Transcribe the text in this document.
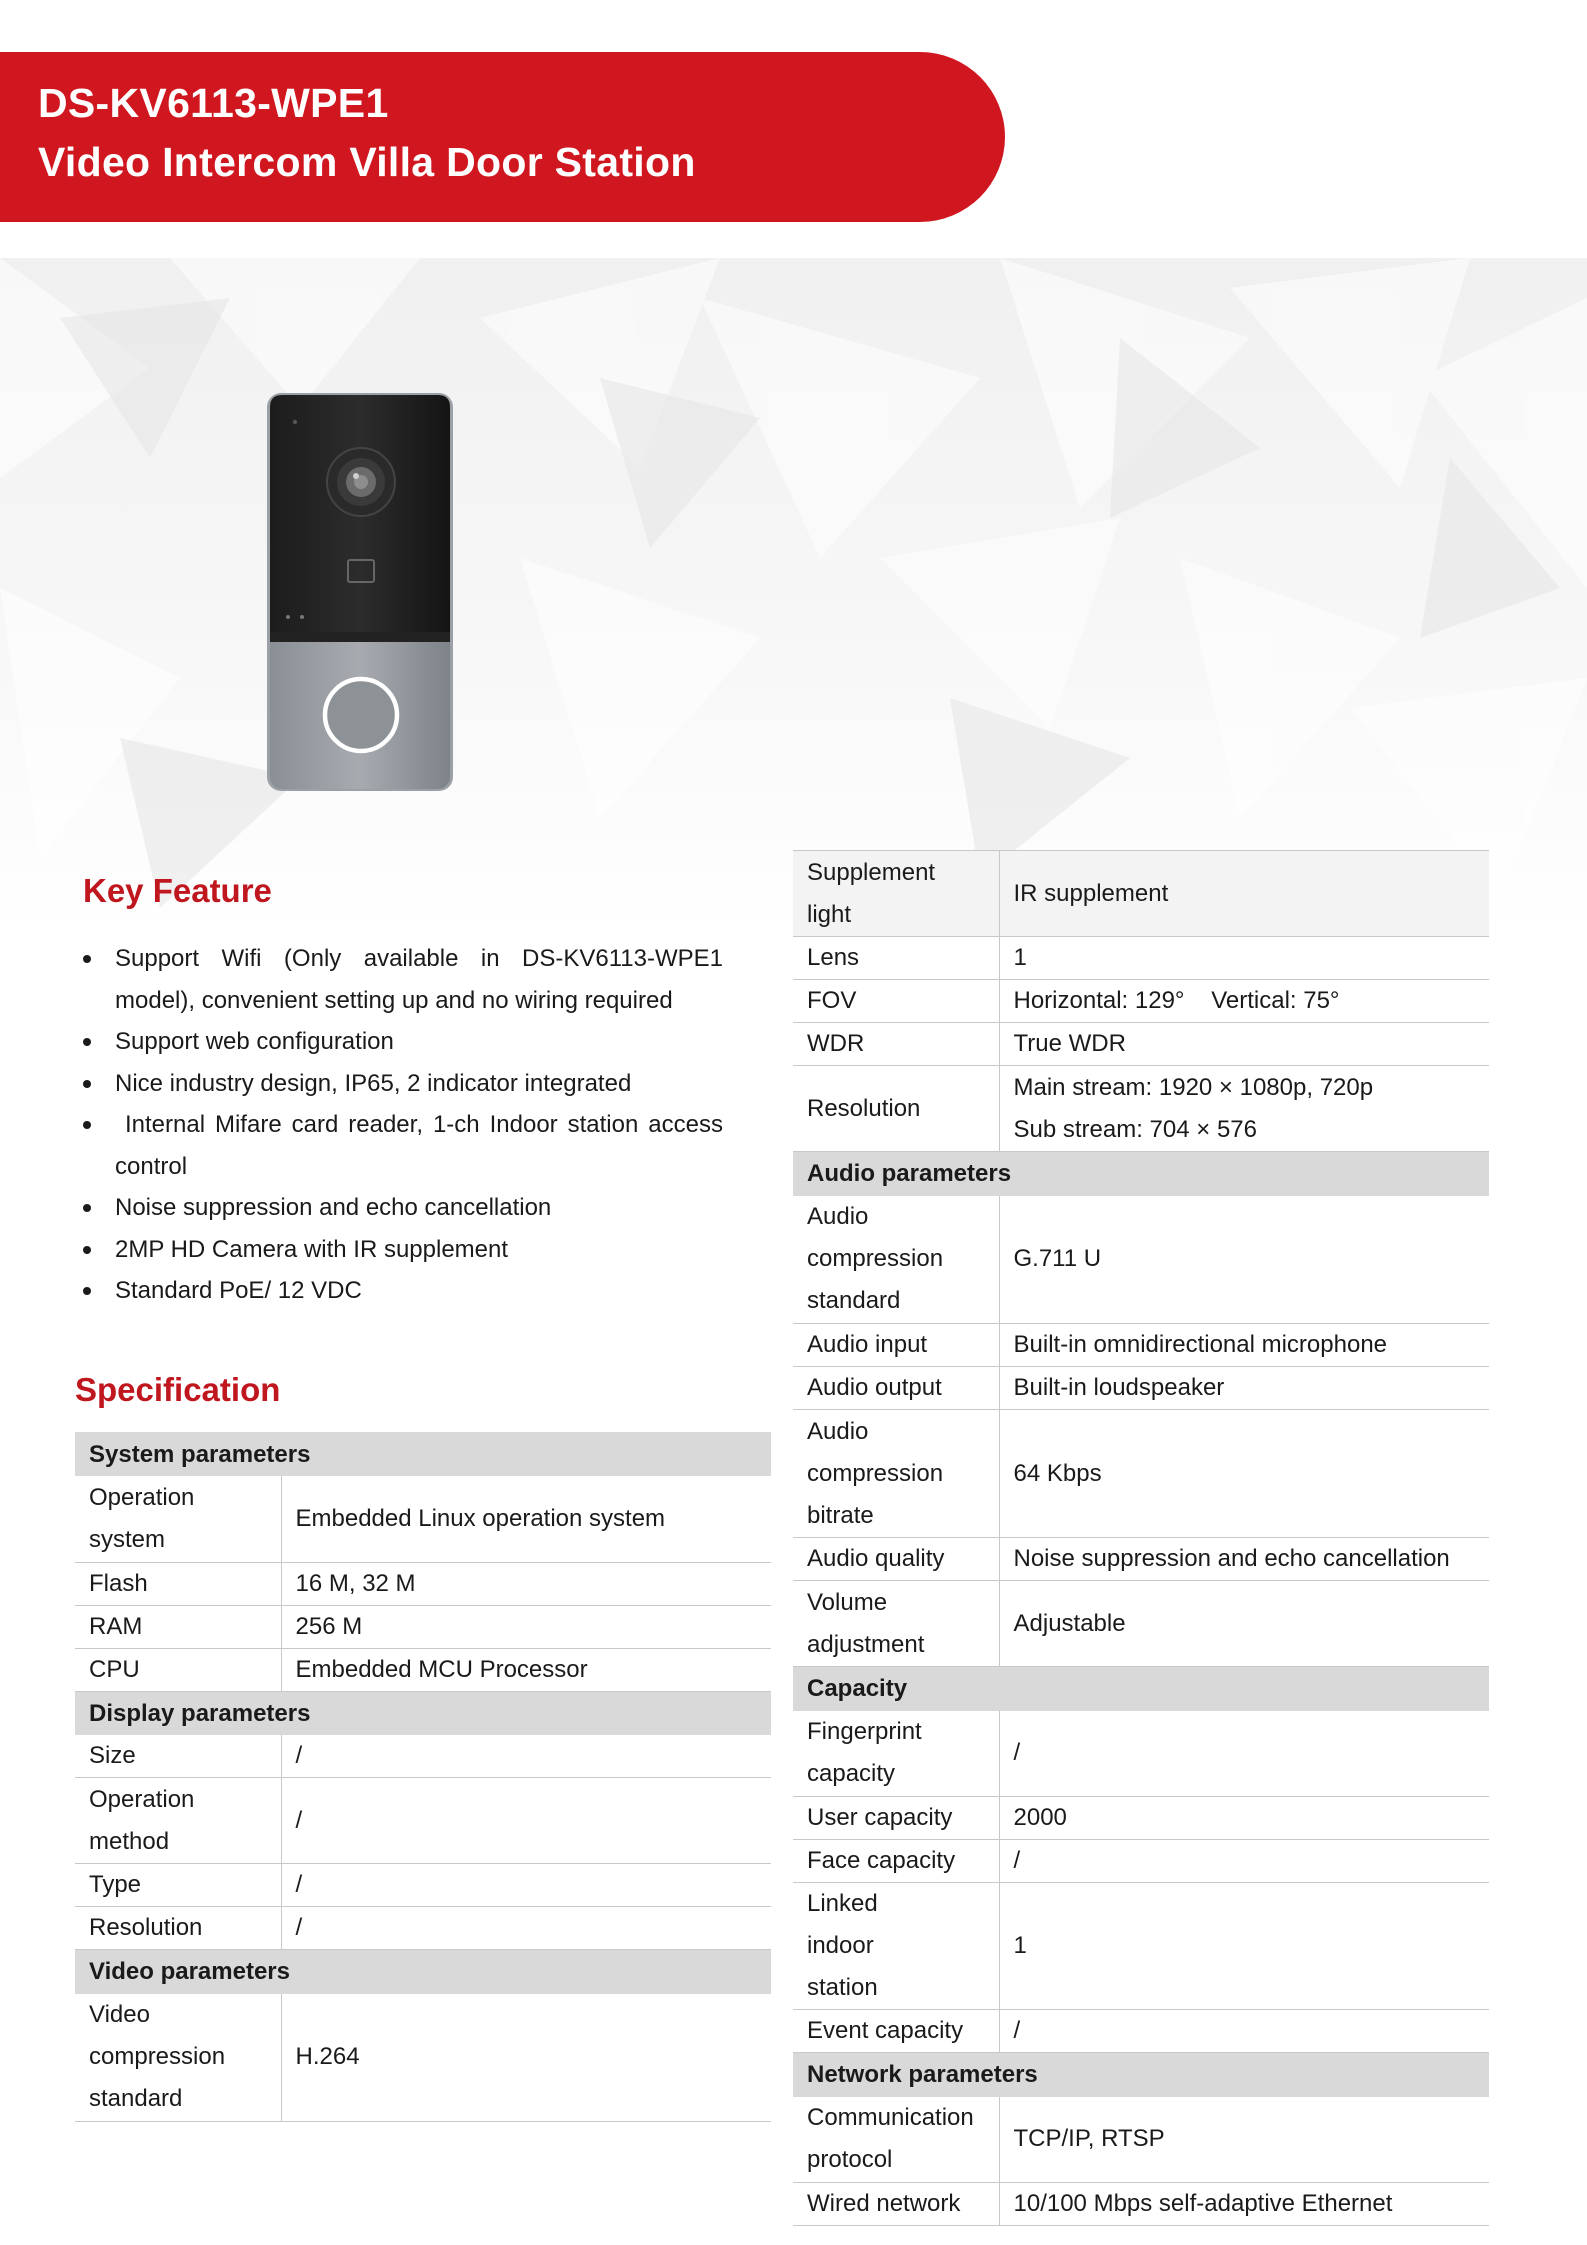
DS-KV6113-WPE1
Video Intercom Villa Door Station
Key Feature
Support Wifi (Only available in DS-KV6113-WPE1 model), convenient setting up and no wiring required
Support web configuration
Nice industry design, IP65, 2 indicator integrated
Internal Mifare card reader, 1-ch Indoor station access control
Noise suppression and echo cancellation
2MP HD Camera with IR supplement
Standard PoE/ 12 VDC
Specification
System parameters	
Operation system	Embedded Linux operation system
Flash	16 M, 32 M
RAM	256 M
CPU	Embedded MCU Processor
Display parameters	
Size	/
Operation method	/
Type	/
Resolution	/
Video parameters	
Video compression standard	H.264
Supplement light	IR supplement
Lens	1
FOV	Horizontal: 129°    Vertical: 75°
WDR	True WDR
Resolution	Main stream: 1920 × 1080p, 720p
Sub stream: 704 × 576

Audio parameters	
Audio compression standard	G.711 U
Audio input	Built-in omnidirectional microphone
Audio output	Built-in loudspeaker
Audio compression bitrate	64 Kbps
Audio quality	Noise suppression and echo cancellation
Volume adjustment	Adjustable
Capacity	
Fingerprint capacity	/
User capacity	2000
Face capacity	/
Linked indoor station	1
Event capacity	/
Network parameters	
Communication protocol	TCP/IP, RTSP
Wired network	10/100 Mbps self-adaptive Ethernet
